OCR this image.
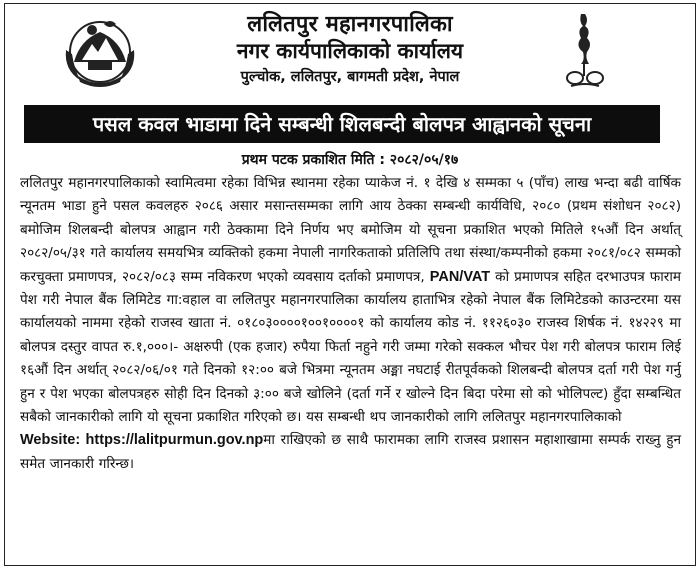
ललितपुर महानगरपालिका
नगर कार्यपालिकाको कार्यालय
पुल्चोक, ललितपुर, बागमती प्रदेश, नेपाल
पसल कवल भाडामा दिने सम्बन्धी शिलबन्दी बोलपत्र आह्वानको सूचना
प्रथम पटक प्रकाशित मिति : २०८२/०५/१७
ललितपुर महानगरपालिकाको स्वामित्वमा रहेका विभिन्न स्थानमा रहेका प्याकेज नं. १ देखि ४ सम्मका ५ (पाँच) लाख भन्दा बढी वार्षिक न्यूनतम भाडा हुने पसल कवलहरु २०८६ असार मसान्तसम्मका लागि आय ठेक्का सम्बन्धी कार्यविधि, २०८० (प्रथम संशोधन २०८२) बमोजिम शिलबन्दी बोलपत्र आह्वान गरी ठेक्कामा दिने निर्णय भए बमोजिम यो सूचना प्रकाशित भएको मितिले १५औं दिन अर्थात् २०८२/०५/३१ गते कार्यालय समयभित्र व्यक्तिको हकमा नेपाली नागरिकताको प्रतिलिपि तथा संस्था/कम्पनीको हकमा २०८१/०८२ सम्मको करचुक्ता प्रमाणपत्र, २०८२/०८३ सम्म नविकरण भएको व्यवसाय दर्ताको प्रमाणपत्र, PAN/VAT को प्रमाणपत्र सहित दरभाउपत्र फाराम पेश गरी नेपाल बैंक लिमिटेड गा:वहाल वा ललितपुर महानगरपालिका कार्यालय हाताभित्र रहेको नेपाल बैंक लिमिटेडको काउन्टरमा यस कार्यालयको नाममा रहेको राजस्व खाता नं. ०१८०३००००१००१००००१ को कार्यालय कोड नं. ११२६०३० राजस्व शिर्षक नं. १४२२९ मा बोलपत्र दस्तुर वापत रु.१,०००।- अक्षरुपी (एक हजार) रुपैया फिर्ता नहुने गरी जम्मा गरेको सक्कल भौचर पेश गरी बोलपत्र फाराम लिई १६औं दिन अर्थात् २०८२/०६/०१ गते दिनको १२:०० बजे भित्रमा न्यूनतम अङ्मा नघटाई रीतपूर्वकको शिलबन्दी बोलपत्र दर्ता गरी पेश गर्नु हुन र पेश भएका बोलपत्रहरु सोही दिन दिनको ३:०० बजे खोलिने (दर्ता गर्ने र खोल्ने दिन बिदा परेमा सो को भोलिपल्ट) हुँदा सम्बन्धित सबैको जानकारीको लागि यो सूचना प्रकाशित गरिएको छ। यस सम्बन्धी थप जानकारीको लागि ललितपुर महानगरपालिकाको
Website: https://lalitpurmun.gov.npमा राखिएको छ साथै फारामका लागि राजस्व प्रशासन महाशाखामा सम्पर्क राख्नु हुन समेत जानकारी गरिन्छ।
